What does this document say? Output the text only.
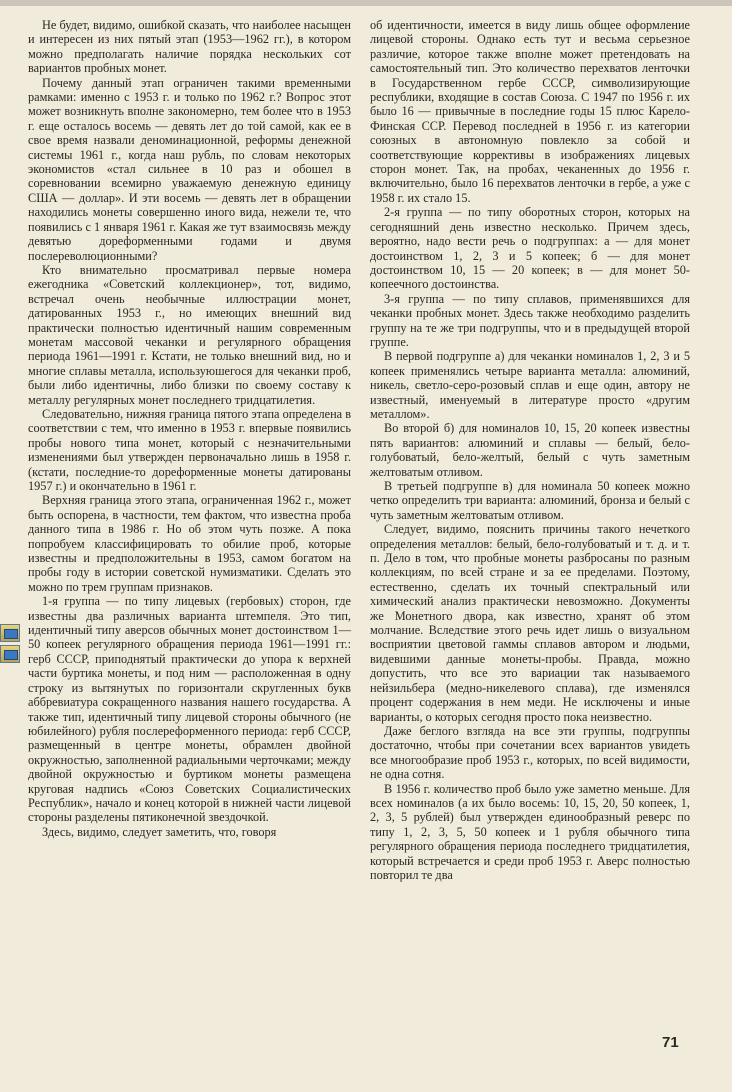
Не будет, видимо, ошибкой сказать, что наиболее насыщен и интересен из них пятый этап (1953—1962 гг.), в котором можно предполагать наличие порядка нескольких сот вариантов пробных монет.

Почему данный этап ограничен такими временными рамками: именно с 1953 г. и только по 1962 г.? Вопрос этот может возникнуть вполне закономерно, тем более что в 1953 г. еще осталось восемь — девять лет до той самой, как ее в свое время назвали деноминационной, реформы денежной системы 1961 г., когда наш рубль, по словам некоторых экономистов «стал сильнее в 10 раз и обошел в соревновании всемирно уважаемую денежную единицу США — доллар». И эти восемь — девять лет в обращении находились монеты совершенно иного вида, нежели те, что появились с 1 января 1961 г. Какая же тут взаимосвязь между девятью дореформенными годами и двумя послереволюционными?

Кто внимательно просматривал первые номера ежегодника «Советский коллекционер», тот, видимо, встречал очень необычные иллюстрации монет, датированных 1953 г., но имеющих внешний вид практически полностью идентичный нашим современным монетам массовой чеканки и регулярного обращения периода 1961—1991 г. Кстати, не только внешний вид, но и многие сплавы металла, используюшегося для чеканки проб, были либо идентичны, либо близки по своему составу к металлу регулярных монет последнего тридцатилетия.

Следовательно, нижняя граница пятого этапа определена в соответствии с тем, что именно в 1953 г. впервые появились пробы нового типа монет, который с незначительными изменениями был утвержден первоначально лишь в 1958 г. (кстати, последние-то дореформенные монеты датированы 1957 г.) и окончательно в 1961 г.

Верхняя граница этого этапа, ограниченная 1962 г., может быть оспорена, в частности, тем фактом, что известна проба данного типа в 1986 г. Но об этом чуть позже. А пока попробуем классифицировать то обилие проб, которые известны и предположительны в 1953, самом богатом на пробы году в истории советской нумизматики. Сделать это можно по трем группам признаков.

1-я группа — по типу лицевых (гербовых) сторон, где известны два различных варианта штемпеля. Это тип, идентичный типу аверсов обычных монет достоинством 1—50 копеек регулярного обращения периода 1961—1991 гг.: герб СССР, приподнятый практически до упора к верхней части буртика монеты, и под ним — расположенная в одну строку из вытянутых по горизонтали скругленных букв аббревиатура сокращенного названия нашего государства. А также тип, идентичный типу лицевой стороны обычного (не юбилейного) рубля послереформенного периода: герб СССР, размещенный в центре монеты, обрамлен двойной окружностью, заполненной радиальными черточками; между двойной окружностью и буртиком монеты размещена круговая надпись «Союз Советских Социалистических Республик», начало и конец которой в нижней части лицевой стороны разделены пятиконечной звездочкой.

Здесь, видимо, следует заметить, что, говоря

об идентичности, имеется в виду лишь общее оформление лицевой стороны. Однако есть тут и весьма серьезное различие, которое также вполне может претендовать на самостоятельный тип. Это количество перехватов ленточки в Государственном гербе СССР, символизирующие республики, входящие в состав Союза. С 1947 по 1956 г. их было 16 — привычные в последние годы 15 плюс Карело-Финская ССР. Перевод последней в 1956 г. из категории союзных в автономную повлекло за собой и соответствующие коррективы в изображениях лицевых сторон монет. Так, на пробах, чеканенных до 1956 г. включительно, было 16 перехватов ленточки в гербе, а уже с 1958 г. их стало 15.

2-я группа — по типу оборотных сторон, которых на сегодняшний день известно несколько. Причем здесь, вероятно, надо вести речь о подгруппах: а — для монет достоинством 1, 2, 3 и 5 копеек; б — для монет достоинством 10, 15 — 20 копеек; в — для монет 50-копеечного достоинства.

3-я группа — по типу сплавов, применявшихся для чеканки пробных монет. Здесь также необходимо разделить группу на те же три подгруппы, что и в предыдущей второй группе.

В первой подгруппе а) для чеканки номиналов 1, 2, 3 и 5 копеек применялись четыре варианта металла: алюминий, никель, светло-серо-розовый сплав и еще один, автору не известный, именуемый в литературе просто «другим металлом».

Во второй б) для номиналов 10, 15, 20 копеек известны пять вариантов: алюминий и сплавы — белый, бело-голубоватый, бело-желтый, белый с чуть заметным желтоватым отливом.

В третьей подгруппе в) для номинала 50 копеек можно четко определить три варианта: алюминий, бронза и белый с чуть заметным желтоватым отливом.

Следует, видимо, пояснить причины такого нечеткого определения металлов: белый, бело-голубоватый и т. д. и т. п. Дело в том, что пробные монеты разбросаны по разным коллекциям, по всей стране и за ее пределами. Поэтому, естественно, сделать их точный спектральный или химический анализ практически невозможно. Документы же Монетного двора, как известно, хранят об этом молчание. Вследствие этого речь идет лишь о визуальном восприятии цветовой гаммы сплавов автором и людьми, видевшими данные монеты-пробы. Правда, можно допустить, что все это вариации так называемого нейзильбера (медно-никелевого сплава), где изменялся процент содержания в нем меди. Не исключены и иные варианты, о которых сегодня просто пока неизвестно.

Даже беглого взгляда на все эти группы, подгруппы достаточно, чтобы при сочетании всех вариантов увидеть все многообразие проб 1953 г., которых, по всей видимости, не одна сотня.

В 1956 г. количество проб было уже заметно меньше. Для всех номиналов (а их было восемь: 10, 15, 20, 50 копеек, 1, 2, 3, 5 рублей) был утвержден единообразный реверс по типу 1, 2, 3, 5, 50 копеек и 1 рубля обычного типа регулярного обращения периода последнего тридцатилетия, который встречается и среди проб 1953 г. Аверс полностью повторил те два

71
